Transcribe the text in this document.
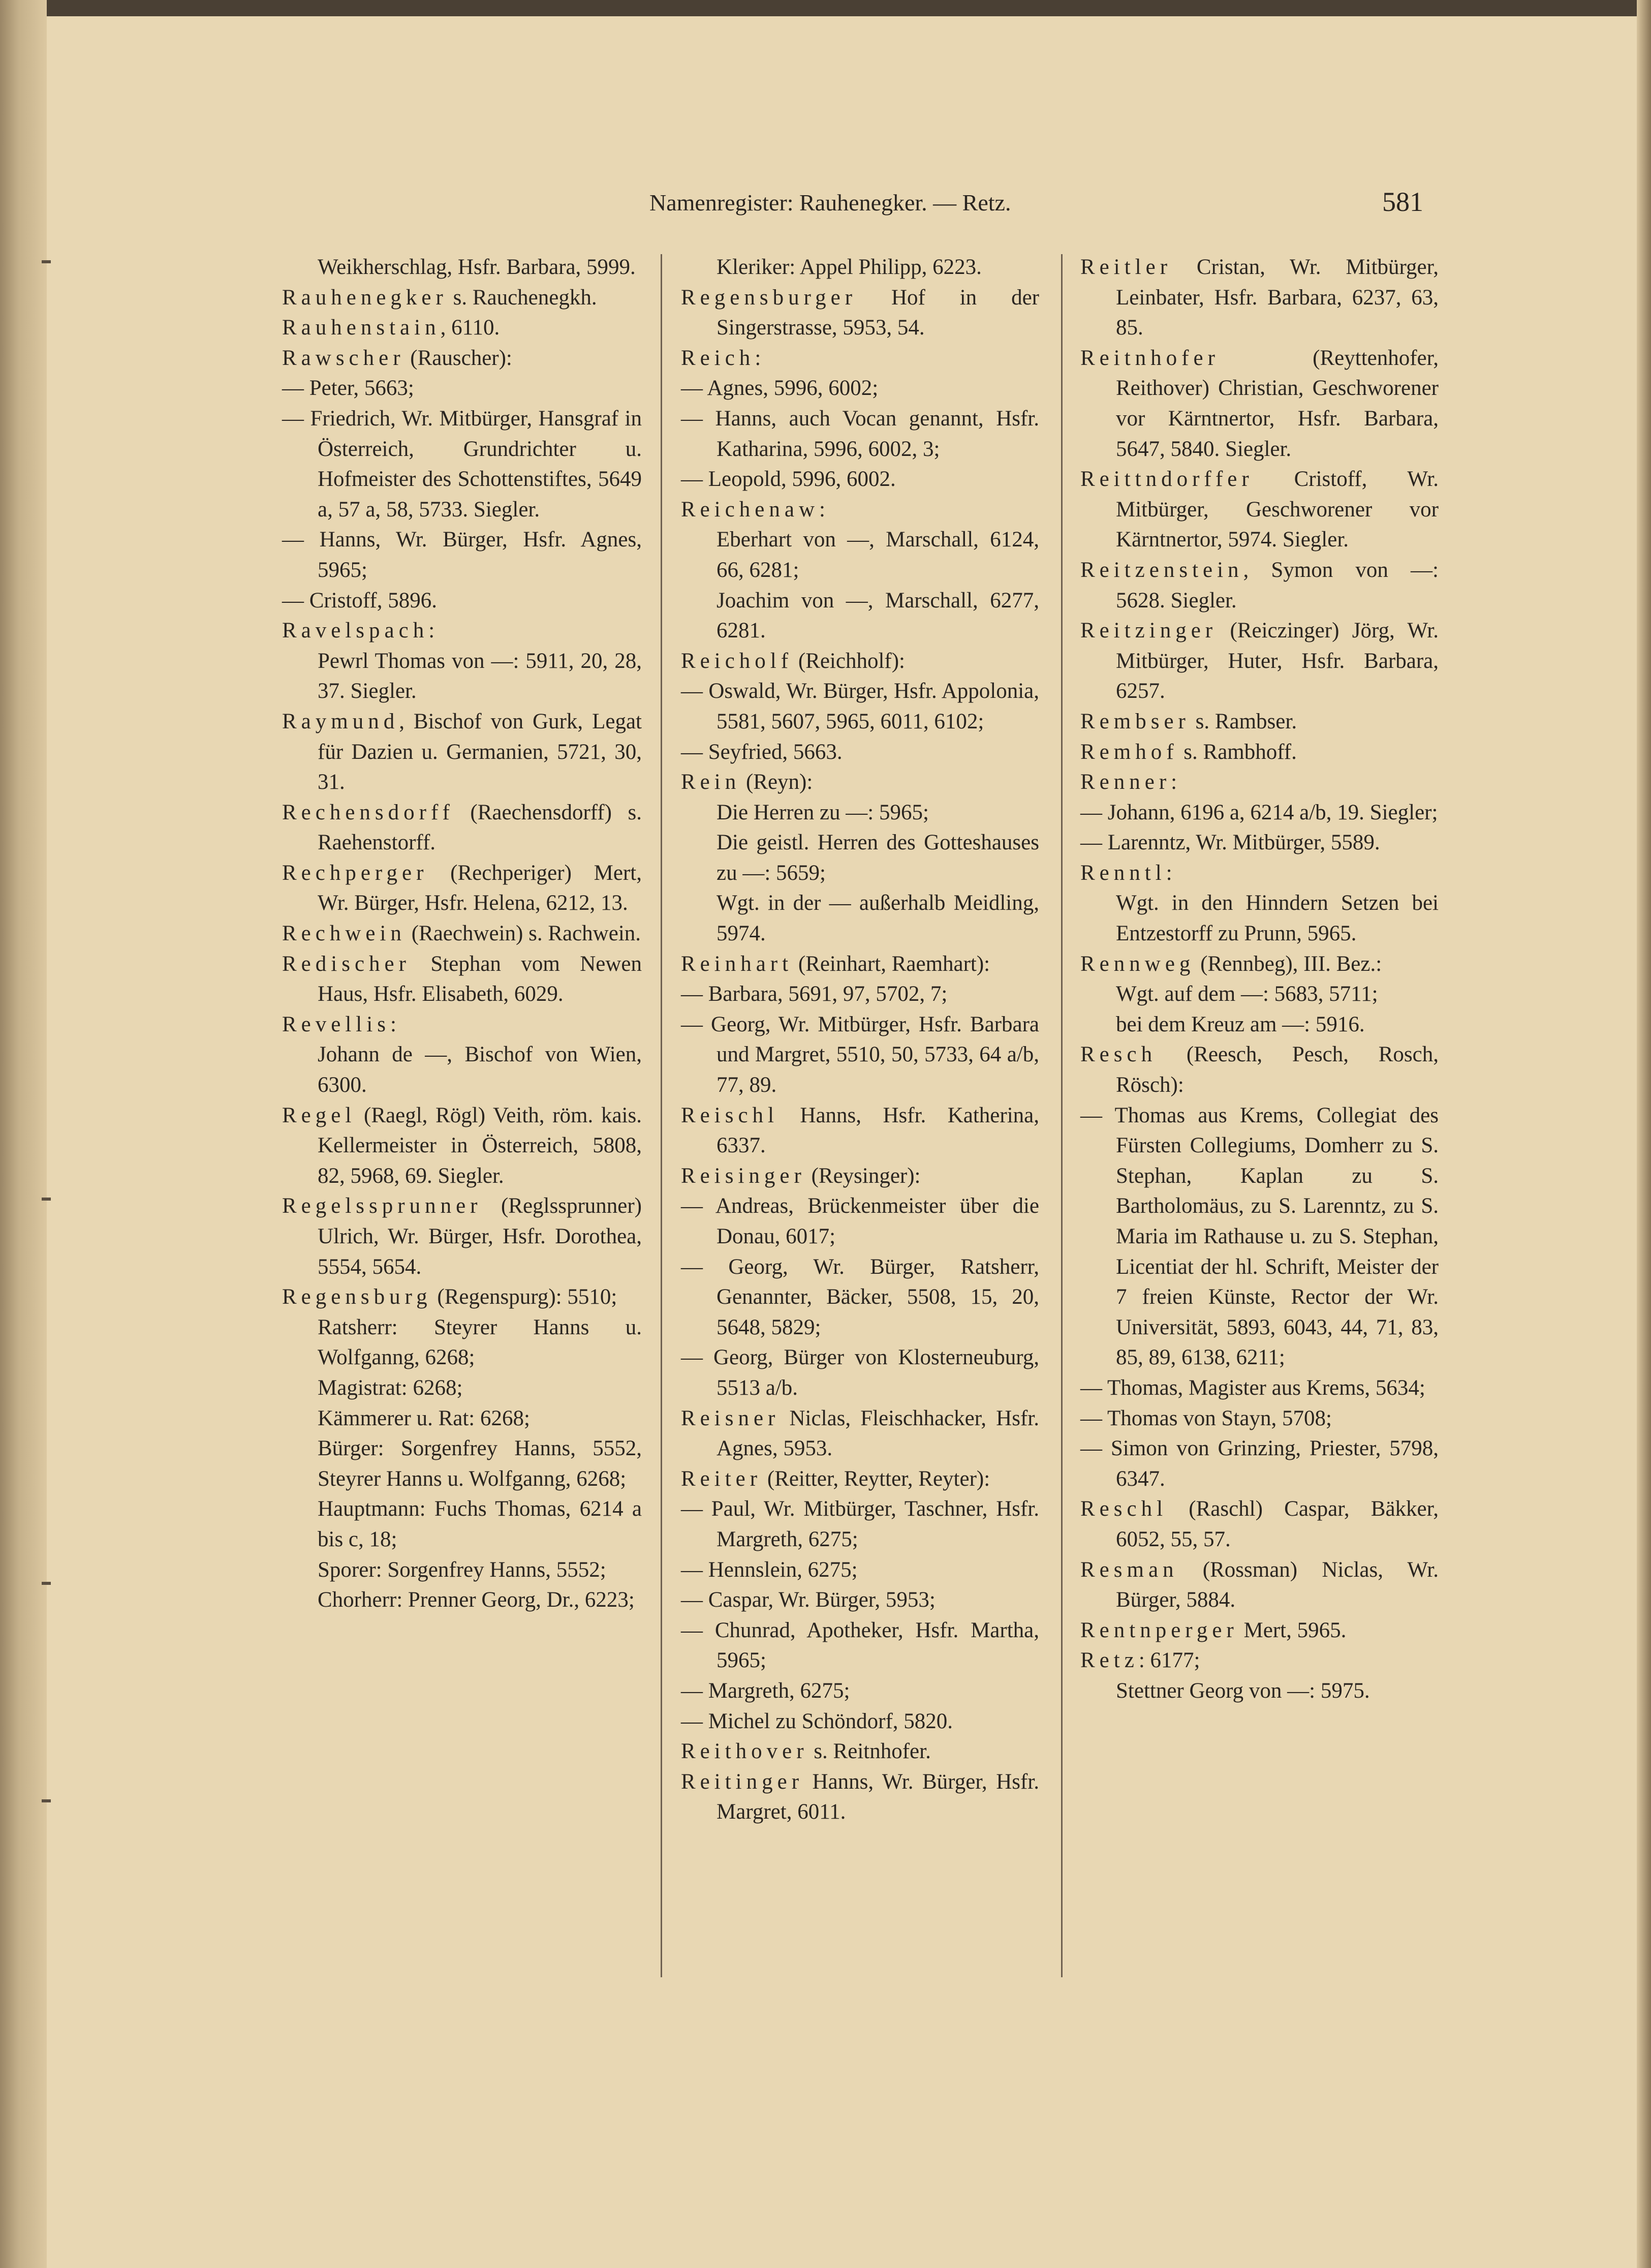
Namenregister: Rauhenegker. — Retz.	581
Weikherschlag, Hsfr. Barbara, 5999.
Rauhenegker s. Rauchenegkh.
Rauhenstain, 6110.
Rawscher (Rauscher):
— Peter, 5663;
— Friedrich, Wr. Mitbürger, Hansgraf in Österreich, Grundrichter u. Hofmeister des Schottenstiftes, 5649 a, 57 a, 58, 5733. Siegler.
— Hanns, Wr. Bürger, Hsfr. Agnes, 5965;
— Cristoff, 5896.
Ravelspach:
Pewrl Thomas von —: 5911, 20, 28, 37. Siegler.
Raymund, Bischof von Gurk, Legat für Dazien u. Germanien, 5721, 30, 31.
Rechensdorff (Raechensdorff) s. Raehenstorff.
Rechperger (Rechperiger) Mert, Wr. Bürger, Hsfr. Helena, 6212, 13.
Rechwein (Raechwein) s. Rachwein.
Redischer Stephan vom Newen Haus, Hsfr. Elisabeth, 6029.
Revellis:
Johann de —, Bischof von Wien, 6300.
Regel (Raegl, Rögl) Veith, röm. kais. Kellermeister in Österreich, 5808, 82, 5968, 69. Siegler.
Regelssprunner (Reglssprunner) Ulrich, Wr. Bürger, Hsfr. Dorothea, 5554, 5654.
Regensburg (Regenspurg): 5510;
Ratsherr: Steyrer Hanns u. Wolfganng, 6268;
Magistrat: 6268;
Kämmerer u. Rat: 6268;
Bürger: Sorgenfrey Hanns, 5552, Steyrer Hanns u. Wolfganng, 6268;
Hauptmann: Fuchs Thomas, 6214 a bis c, 18;
Sporer: Sorgenfrey Hanns, 5552;
Chorherr: Prenner Georg, Dr., 6223;
Kleriker: Appel Philipp, 6223.
Regensburger Hof in der Singerstrasse, 5953, 54.
Reich:
— Agnes, 5996, 6002;
— Hanns, auch Vocan genannt, Hsfr. Katharina, 5996, 6002, 3;
— Leopold, 5996, 6002.
Reichenaw:
Eberhart von —, Marschall, 6124, 66, 6281;
Joachim von —, Marschall, 6277, 6281.
Reicholf (Reichholf):
— Oswald, Wr. Bürger, Hsfr. Appolonia, 5581, 5607, 5965, 6011, 6102;
— Seyfried, 5663.
Rein (Reyn):
Die Herren zu —: 5965;
Die geistl. Herren des Gotteshauses zu —: 5659;
Wgt. in der — außerhalb Meidling, 5974.
Reinhart (Reinhart, Raemhart):
— Barbara, 5691, 97, 5702, 7;
— Georg, Wr. Mitbürger, Hsfr. Barbara und Margret, 5510, 50, 5733, 64 a/b, 77, 89.
Reischl Hanns, Hsfr. Katherina, 6337.
Reisinger (Reysinger):
— Andreas, Brückenmeister über die Donau, 6017;
— Georg, Wr. Bürger, Ratsherr, Genannter, Bäcker, 5508, 15, 20, 5648, 5829;
— Georg, Bürger von Klosterneuburg, 5513 a/b.
Reisner Niclas, Fleischhacker, Hsfr. Agnes, 5953.
Reiter (Reitter, Reytter, Reyter):
— Paul, Wr. Mitbürger, Taschner, Hsfr. Margreth, 6275;
— Hennslein, 6275;
— Caspar, Wr. Bürger, 5953;
— Chunrad, Apotheker, Hsfr. Martha, 5965;
— Margreth, 6275;
— Michel zu Schöndorf, 5820.
Reithover s. Reitnhofer.
Reitinger Hanns, Wr. Bürger, Hsfr. Margret, 6011.
Reitler Cristan, Wr. Mitbürger, Leinbater, Hsfr. Barbara, 6237, 63, 85.
Reitnhofer (Reyttenhofer, Reithover) Christian, Geschworener vor Kärntnertor, Hsfr. Barbara, 5647, 5840. Siegler.
Reittndorffer Cristoff, Wr. Mitbürger, Geschworener vor Kärntnertor, 5974. Siegler.
Reitzenstein, Symon von —: 5628. Siegler.
Reitzinger (Reiczinger) Jörg, Wr. Mitbürger, Huter, Hsfr. Barbara, 6257.
Rembser s. Rambser.
Remhof s. Rambhoff.
Renner:
— Johann, 6196 a, 6214 a/b, 19. Siegler;
— Larenntz, Wr. Mitbürger, 5589.
Renntl:
Wgt. in den Hinndern Setzen bei Entzestorff zu Prunn, 5965.
Rennweg (Rennbeg), III. Bez.:
Wgt. auf dem —: 5683, 5711;
bei dem Kreuz am —: 5916.
Resch (Reesch, Pesch, Rosch, Rösch):
— Thomas aus Krems, Collegiat des Fürsten Collegiums, Domherr zu S. Stephan, Kaplan zu S. Bartholomäus, zu S. Larenntz, zu S. Maria im Rathause u. zu S. Stephan, Licentiat der hl. Schrift, Meister der 7 freien Künste, Rector der Wr. Universität, 5893, 6043, 44, 71, 83, 85, 89, 6138, 6211;
— Thomas, Magister aus Krems, 5634;
— Thomas von Stayn, 5708;
— Simon von Grinzing, Priester, 5798, 6347.
Reschl (Raschl) Caspar, Bäkker, 6052, 55, 57.
Resman (Rossman) Niclas, Wr. Bürger, 5884.
Rentnperger Mert, 5965.
Retz: 6177;
Stettner Georg von —: 5975.
